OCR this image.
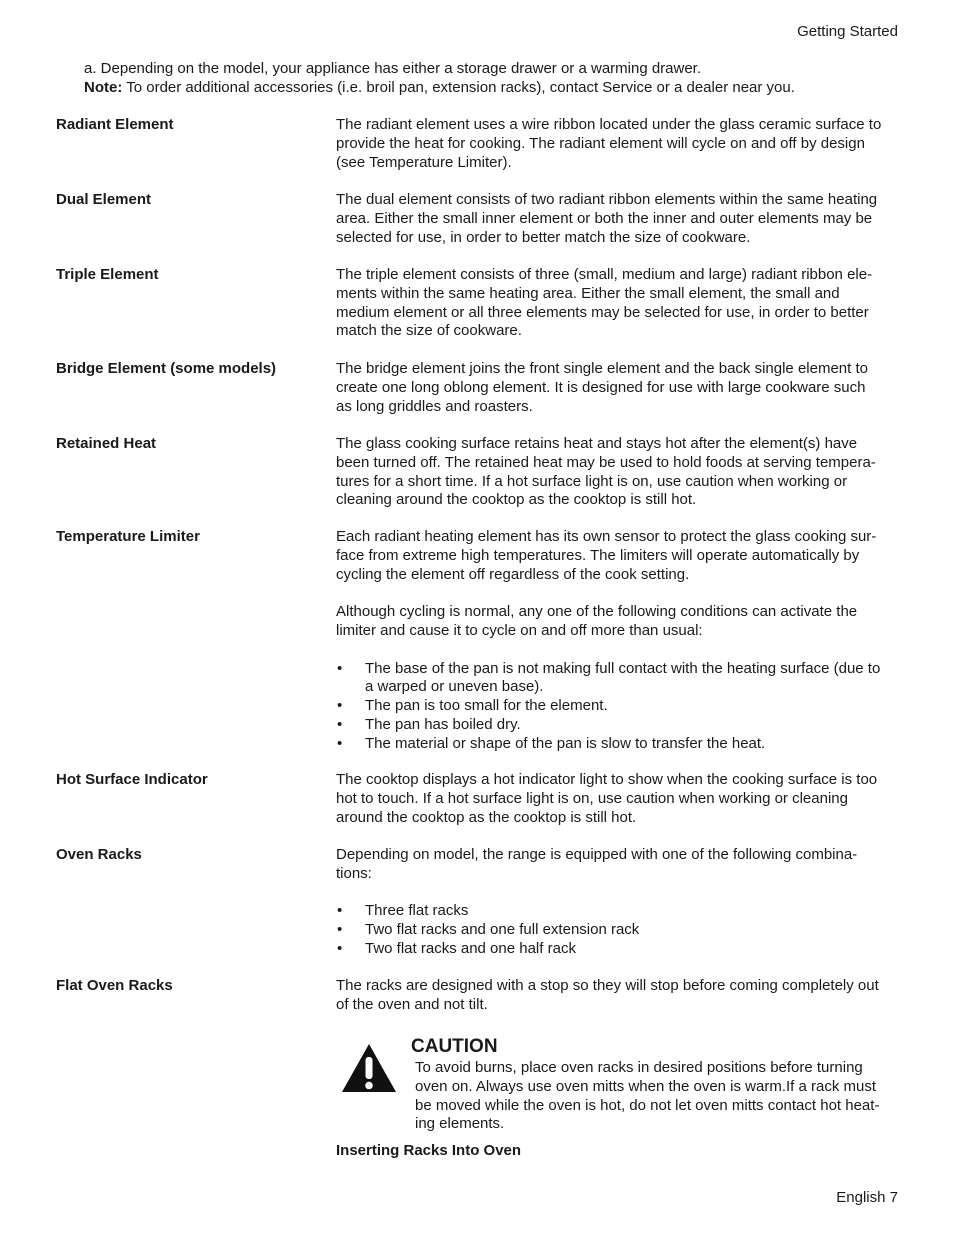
Getting Started

a. Depending on the model, your appliance has either a storage drawer or a warming drawer.

Note: To order additional accessories (i.e. broil pan, extension racks), contact Service or a dealer near you.

Radiant Element	The radiant element uses a wire ribbon located under the glass ceramic surface to
provide the heat for cooking. The radiant element will cycle on and off by design
(see Temperature Limiter).

Dual Element	The dual element consists of two radiant ribbon elements within the same heating
area. Either the small inner element or both the inner and outer elements may be
selected for use, in order to better match the size of cookware.

Triple Element	The triple element consists of three (small, medium and large) radiant ribbon ele-
ments within the same heating area. Either the small element, the small and
medium element or all three elements may be selected for use, in order to better
match the size of cookware.

Bridge Element (some models)	The bridge element joins the front single element and the back single element to
create one long oblong element. It is designed for use with large cookware such
as long griddles and roasters.

Retained Heat	The glass cooking surface retains heat and stays hot after the element(s) have
been turned off. The retained heat may be used to hold foods at serving tempera-
tures for a short time. If a hot surface light is on, use caution when working or
cleaning around the cooktop as the cooktop is still hot.

Temperature Limiter	Each radiant heating element has its own sensor to protect the glass cooking sur-
face from extreme high temperatures. The limiters will operate automatically by
cycling the element off regardless of the cook setting.

Although cycling is normal, any one of the following conditions can activate the
limiter and cause it to cycle on and off more than usual:

• The base of the pan is not making full contact with the heating surface (due to
a warped or uneven base).
• The pan is too small for the element.
• The pan has boiled dry.
• The material or shape of the pan is slow to transfer the heat.
Hot Surface Indicator	The cooktop displays a hot indicator light to show when the cooking surface is too
hot to touch. If a hot surface light is on, use caution when working or cleaning
around the cooktop as the cooktop is still hot.

Oven Racks	Depending on model, the range is equipped with one of the following combina-
tions:

• Three flat racks
• Two flat racks and one full extension rack
• Two flat racks and one half rack
Flat Oven Racks	The racks are designed with a stop so they will stop before coming completely out
of the oven and not tilt.

CAUTION

To avoid burns, place oven racks in desired positions before turning
oven on. Always use oven mitts when the oven is warm.If a rack must
be moved while the oven is hot, do not let oven mitts contact hot heat-
ing elements.

Inserting Racks Into Oven
English 7
